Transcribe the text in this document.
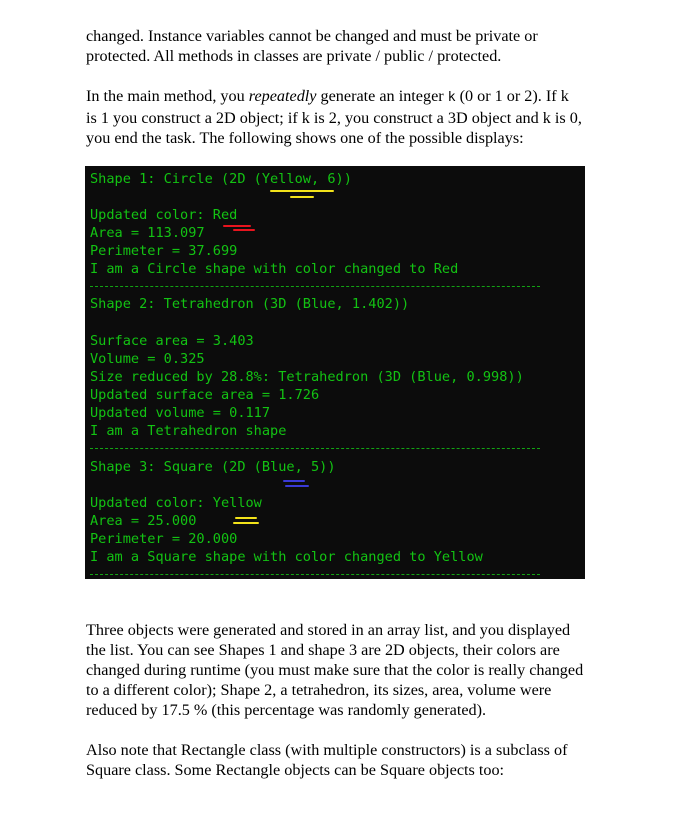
changed. Instance variables cannot be changed and must be private or
protected. All methods in classes are private / public / protected.
In the main method, you repeatedly generate an integer k (0 or 1 or 2). If k
is 1 you construct a 2D object; if k is 2, you construct a 3D object and k is 0,
you end the task. The following shows one of the possible displays:
Shape 1: Circle (2D (Yellow, 6))
Updated color: Red
Area = 113.097
Perimeter = 37.699
I am a Circle shape with color changed to Red
Shape 2: Tetrahedron (3D (Blue, 1.402))
Surface area = 3.403
Volume = 0.325
Size reduced by 28.8%: Tetrahedron (3D (Blue, 0.998))
Updated surface area = 1.726
Updated volume = 0.117
I am a Tetrahedron shape
Shape 3: Square (2D (Blue, 5))
Updated color: Yellow
Area = 25.000
Perimeter = 20.000
I am a Square shape with color changed to Yellow
Three objects were generated and stored in an array list, and you displayed
the list. You can see Shapes 1 and shape 3 are 2D objects, their colors are
changed during runtime (you must make sure that the color is really changed
to a different color); Shape 2, a tetrahedron, its sizes, area, volume were
reduced by 17.5 % (this percentage was randomly generated).
Also note that Rectangle class (with multiple constructors) is a subclass of
Square class. Some Rectangle objects can be Square objects too:
